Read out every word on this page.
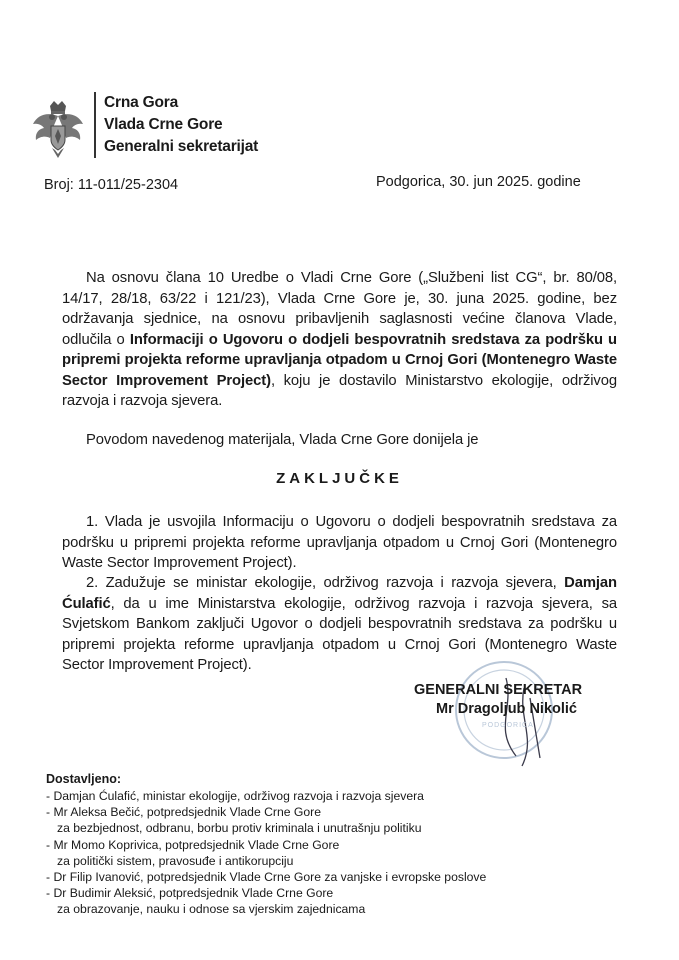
Crna Gora
Vlada Crne Gore
Generalni sekretarijat
Broj: 11-011/25-2304	Podgorica, 30. jun 2025. godine
Na osnovu člana 10 Uredbe o Vladi Crne Gore („Službeni list CG“, br. 80/08, 14/17, 28/18, 63/22 i 121/23), Vlada Crne Gore je, 30. juna 2025. godine, bez održavanja sjednice, na osnovu pribavljenih saglasnosti većine članova Vlade, odlučila o Informaciji o Ugovoru o dodjeli bespovratnih sredstava za podršku u pripremi projekta reforme upravljanja otpadom u Crnoj Gori (Montenegro Waste Sector Improvement Project), koju je dostavilo Ministarstvo ekologije, održivog razvoja i razvoja sjevera.
Povodom navedenog materijala, Vlada Crne Gore donijela je
ZAKLJUČKE
1. Vlada je usvojila Informaciju o Ugovoru o dodjeli bespovratnih sredstava za podršku u pripremi projekta reforme upravljanja otpadom u Crnoj Gori (Montenegro Waste Sector Improvement Project).
2. Zadužuje se ministar ekologije, održivog razvoja i razvoja sjevera, Damjan Ćulafić, da u ime Ministarstva ekologije, održivog razvoja i razvoja sjevera, sa Svjetskom Bankom zaključi Ugovor o dodjeli bespovratnih sredstava za podršku u pripremi projekta reforme upravljanja otpadom u Crnoj Gori (Montenegro Waste Sector Improvement Project).
PODGORICA
GENERALNI SEKRETAR
Mr Dragoljub Nikolić
Dostavljeno:
- Damjan Ćulafić, ministar ekologije, održivog razvoja i razvoja sjevera
- Mr Aleksa Bečić, potpredsjednik Vlade Crne Gore
za bezbjednost, odbranu, borbu protiv kriminala i unutrašnju politiku
- Mr Momo Koprivica, potpredsjednik Vlade Crne Gore
za politički sistem, pravosuđe i antikorupciju
- Dr Filip Ivanović, potpredsjednik Vlade Crne Gore za vanjske i evropske poslove
- Dr Budimir Aleksić, potpredsjednik Vlade Crne Gore
za obrazovanje, nauku i odnose sa vjerskim zajednicama
